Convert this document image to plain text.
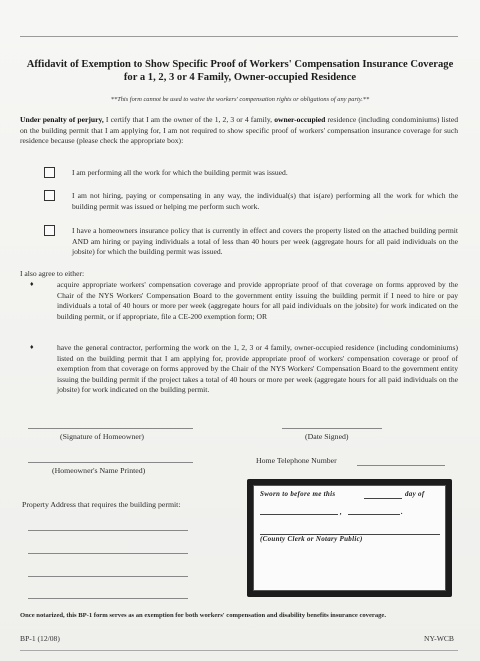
Affidavit of Exemption to Show Specific Proof of Workers' Compensation Insurance Coverage for a 1, 2, 3 or 4 Family, Owner-occupied Residence
**This form cannot be used to waive the workers' compensation rights or obligations of any party.**
Under penalty of perjury, I certify that I am the owner of the 1, 2, 3 or 4 family, owner-occupied residence (including condominiums) listed on the building permit that I am applying for, I am not required to show specific proof of workers' compensation insurance coverage for such residence because (please check the appropriate box):
I am performing all the work for which the building permit was issued.
I am not hiring, paying or compensating in any way, the individual(s) that is(are) performing all the work for which the building permit was issued or helping me perform such work.
I have a homeowners insurance policy that is currently in effect and covers the property listed on the attached building permit AND am hiring or paying individuals a total of less than 40 hours per week (aggregate hours for all paid individuals on the jobsite) for which the building permit was issued.
I also agree to either:
♦	acquire appropriate workers' compensation coverage and provide appropriate proof of that coverage on forms approved by the Chair of the NYS Workers' Compensation Board to the government entity issuing the building permit if I need to hire or pay individuals a total of 40 hours or more per week (aggregate hours for all paid individuals on the jobsite) for work indicated on the building permit, or if appropriate, file a CE-200 exemption form; OR
♦	have the general contractor, performing the work on the 1, 2, 3 or 4 family, owner-occupied residence (including condominiums) listed on the building permit that I am applying for, provide appropriate proof of workers' compensation coverage or proof of exemption from that coverage on forms approved by the Chair of the NYS Workers' Compensation Board to the government entity issuing the building permit if the project takes a total of 40 hours or more per week (aggregate hours for all paid individuals on the jobsite) for work indicated on the building permit.
(Signature of Homeowner)	(Date Signed)
(Homeowner's Name Printed)
Home Telephone Number
Property Address that requires the building permit:
Sworn to before me this	day of
,	.
(County Clerk or Notary Public)
Once notarized, this BP-1 form serves as an exemption for both workers' compensation and disability benefits insurance coverage.
BP-1 (12/08)	NY-WCB
